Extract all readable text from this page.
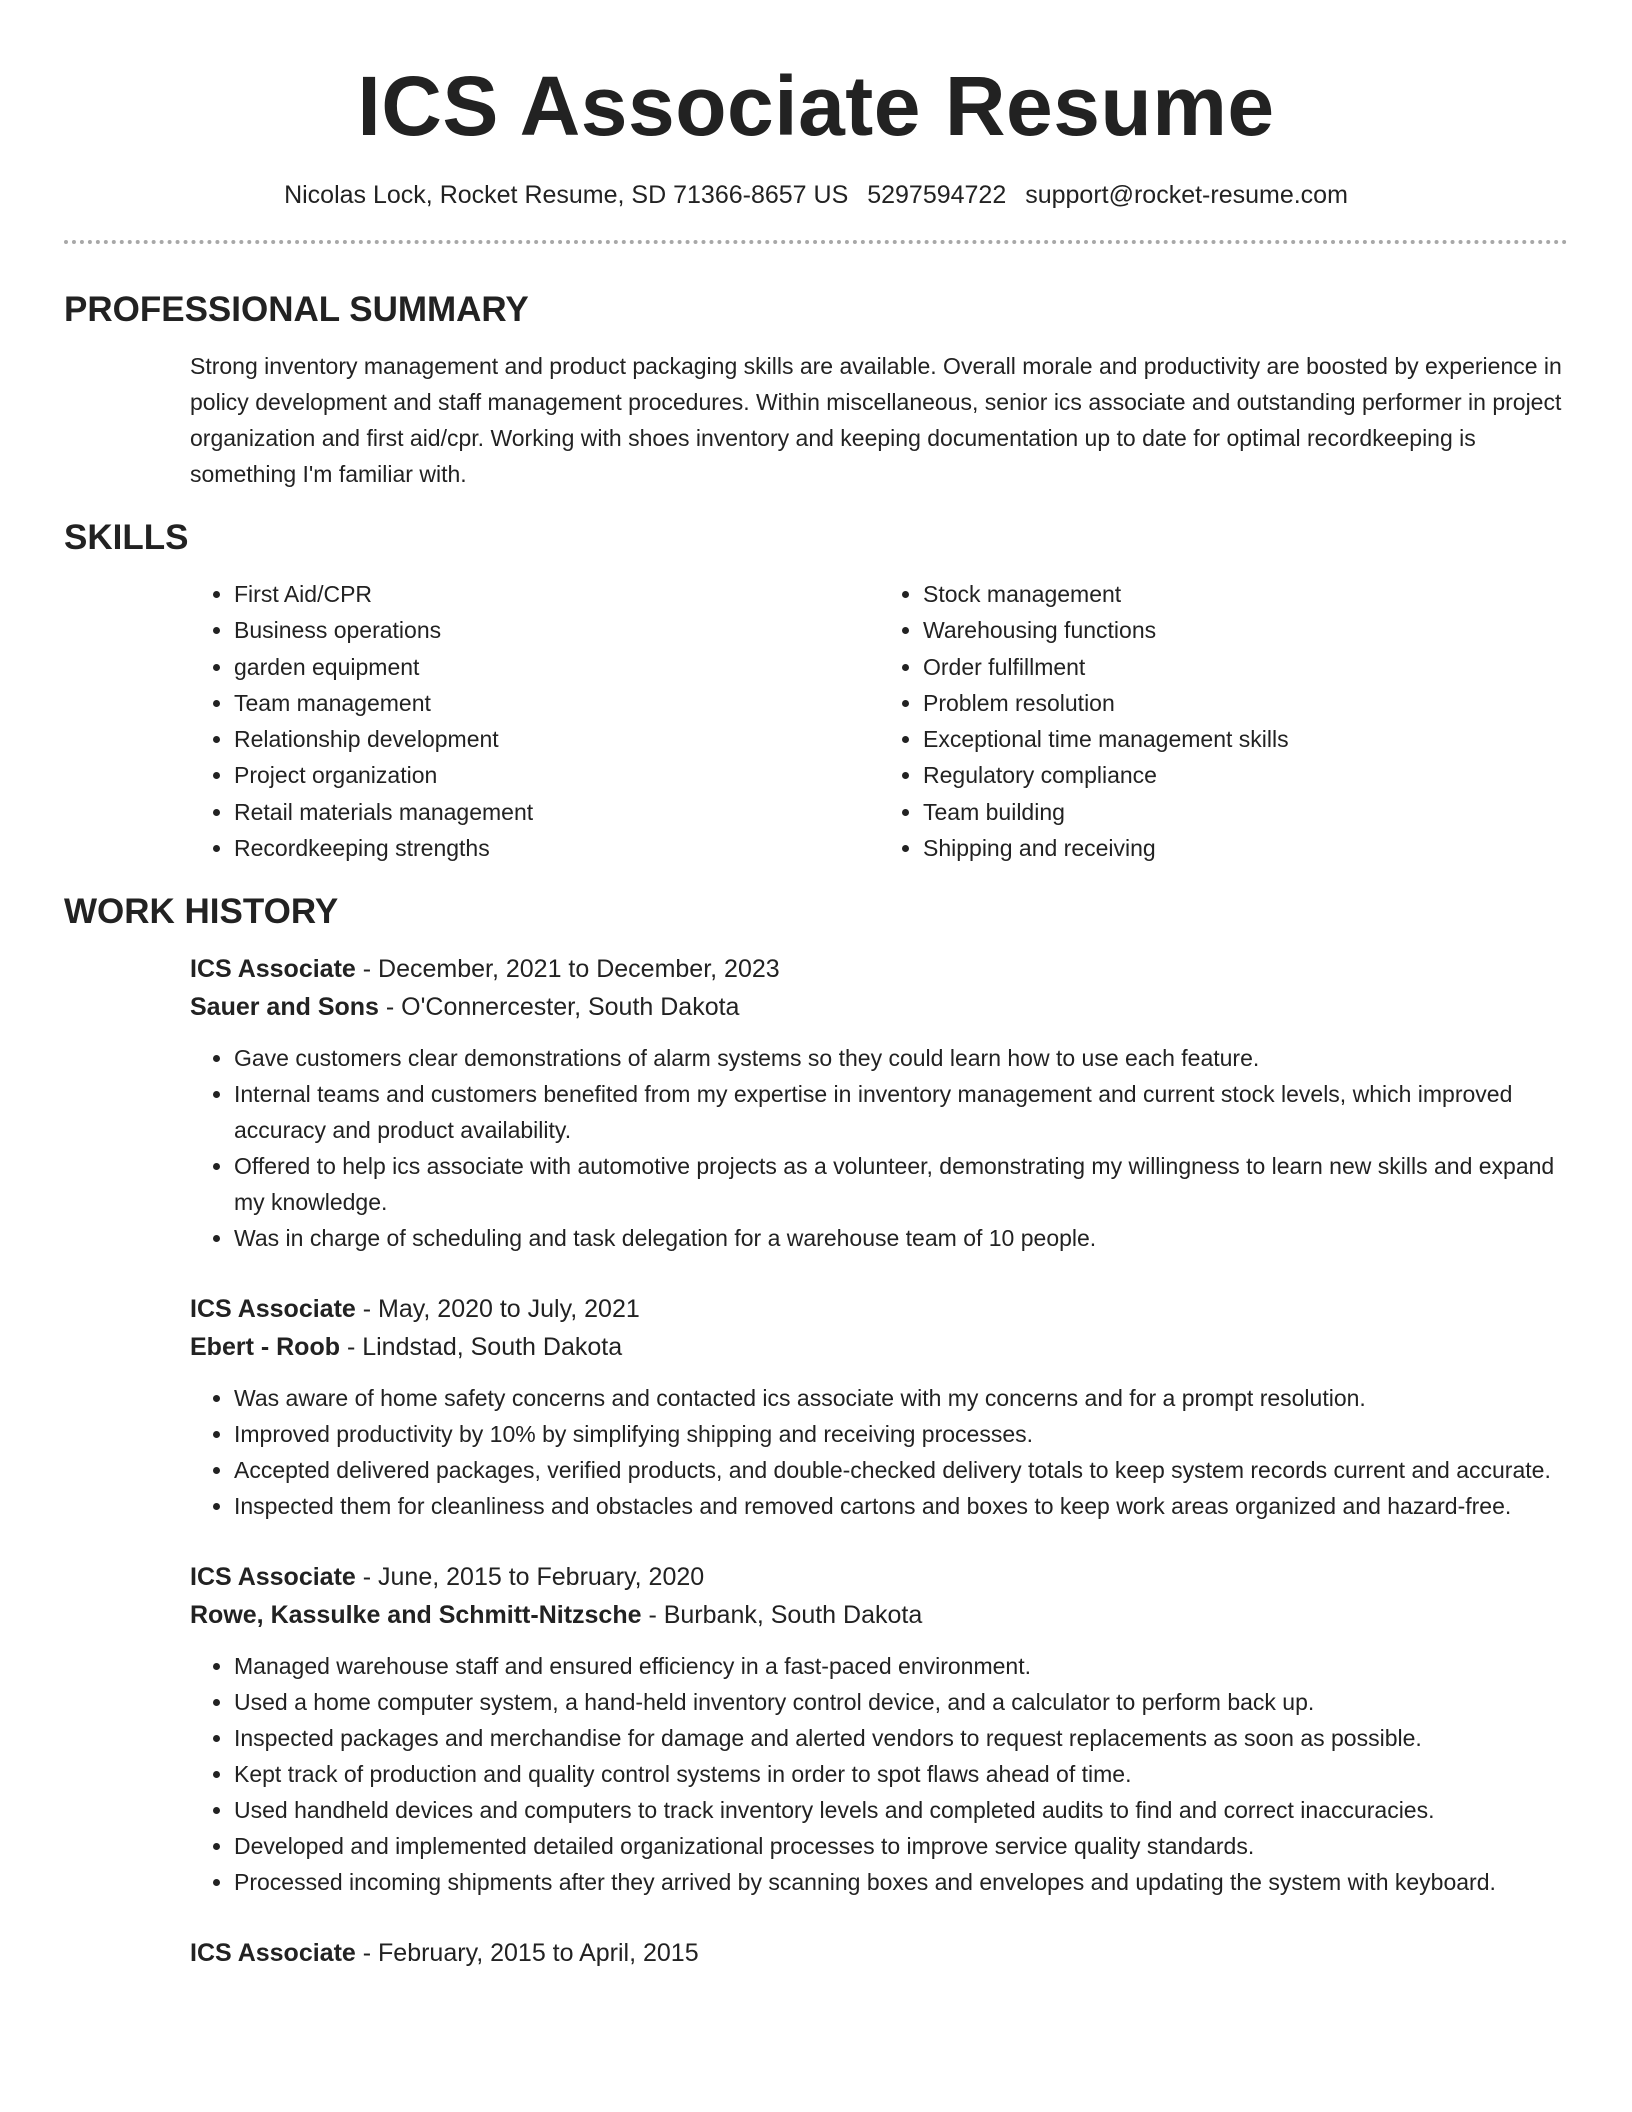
ICS Associate Resume
Nicolas Lock, Rocket Resume, SD 71366-8657 US 5297594722 support@rocket-resume.com
PROFESSIONAL SUMMARY

Strong inventory management and product packaging skills are available. Overall morale and productivity are boosted by experience in policy development and staff management procedures. Within miscellaneous, senior ics associate and outstanding performer in project organization and first aid/cpr. Working with shoes inventory and keeping documentation up to date for optimal recordkeeping is something I'm familiar with.

SKILLS
• First Aid/CPR
• Business operations
• garden equipment
• Team management
• Relationship development
• Project organization
• Retail materials management
• Recordkeeping strengths
• Stock management
• Warehousing functions
• Order fulfillment
• Problem resolution
• Exceptional time management skills
• Regulatory compliance
• Team building
• Shipping and receiving
WORK HISTORY
ICS Associate - December, 2021 to December, 2023
Sauer and Sons - O'Connercester, South Dakota
• Gave customers clear demonstrations of alarm systems so they could learn how to use each feature.
• Internal teams and customers benefited from my expertise in inventory management and current stock levels, which improved accuracy and product availability.
• Offered to help ics associate with automotive projects as a volunteer, demonstrating my willingness to learn new skills and expand my knowledge.
• Was in charge of scheduling and task delegation for a warehouse team of 10 people.
ICS Associate - May, 2020 to July, 2021
Ebert - Roob - Lindstad, South Dakota
• Was aware of home safety concerns and contacted ics associate with my concerns and for a prompt resolution.
• Improved productivity by 10% by simplifying shipping and receiving processes.
• Accepted delivered packages, verified products, and double-checked delivery totals to keep system records current and accurate.
• Inspected them for cleanliness and obstacles and removed cartons and boxes to keep work areas organized and hazard-free.
ICS Associate - June, 2015 to February, 2020
Rowe, Kassulke and Schmitt-Nitzsche - Burbank, South Dakota
• Managed warehouse staff and ensured efficiency in a fast-paced environment.
• Used a home computer system, a hand-held inventory control device, and a calculator to perform back up.
• Inspected packages and merchandise for damage and alerted vendors to request replacements as soon as possible.
• Kept track of production and quality control systems in order to spot flaws ahead of time.
• Used handheld devices and computers to track inventory levels and completed audits to find and correct inaccuracies.
• Developed and implemented detailed organizational processes to improve service quality standards.
• Processed incoming shipments after they arrived by scanning boxes and envelopes and updating the system with keyboard.
ICS Associate - February, 2015 to April, 2015
